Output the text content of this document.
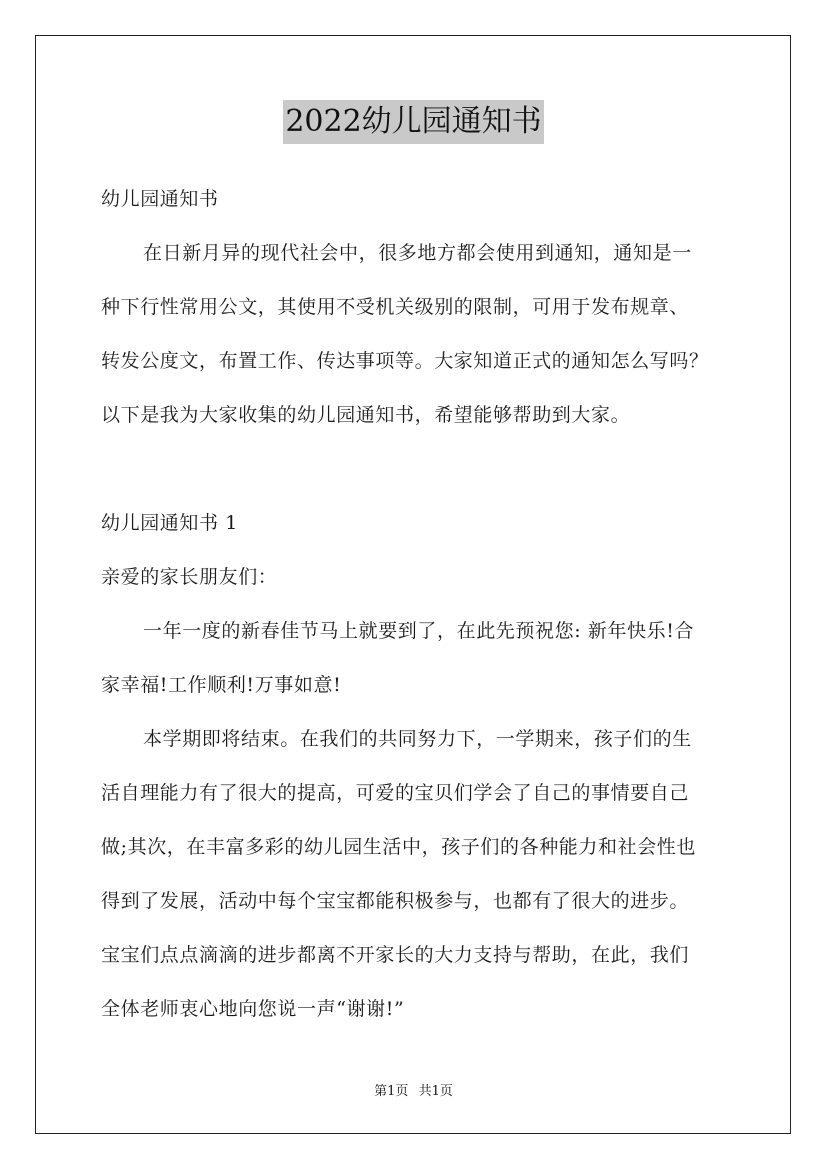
2022幼儿园通知书

幼儿园通知书

在日新月异的现代社会中，很多地方都会使用到通知，通知是一

种下行性常用公文，其使用不受机关级别的限制，可用于发布规章、

转发公度文，布置工作、传达事项等。大家知道正式的通知怎么写吗？

以下是我为大家收集的幼儿园通知书，希望能够帮助到大家。

幼儿园通知书 1

亲爱的家长朋友们：

一年一度的新春佳节马上就要到了，在此先预祝您: 新年快乐!合

家幸福!工作顺利!万事如意!

本学期即将结束。在我们的共同努力下，一学期来，孩子们的生

活自理能力有了很大的提高，可爱的宝贝们学会了自己的事情要自己

做;其次，在丰富多彩的幼儿园生活中，孩子们的各种能力和社会性也

得到了发展，活动中每个宝宝都能积极参与，也都有了很大的进步。

宝宝们点点滴滴的进步都离不开家长的大力支持与帮助，在此，我们

全体老师衷心地向您说一声“谢谢!”

第1页 共1页
